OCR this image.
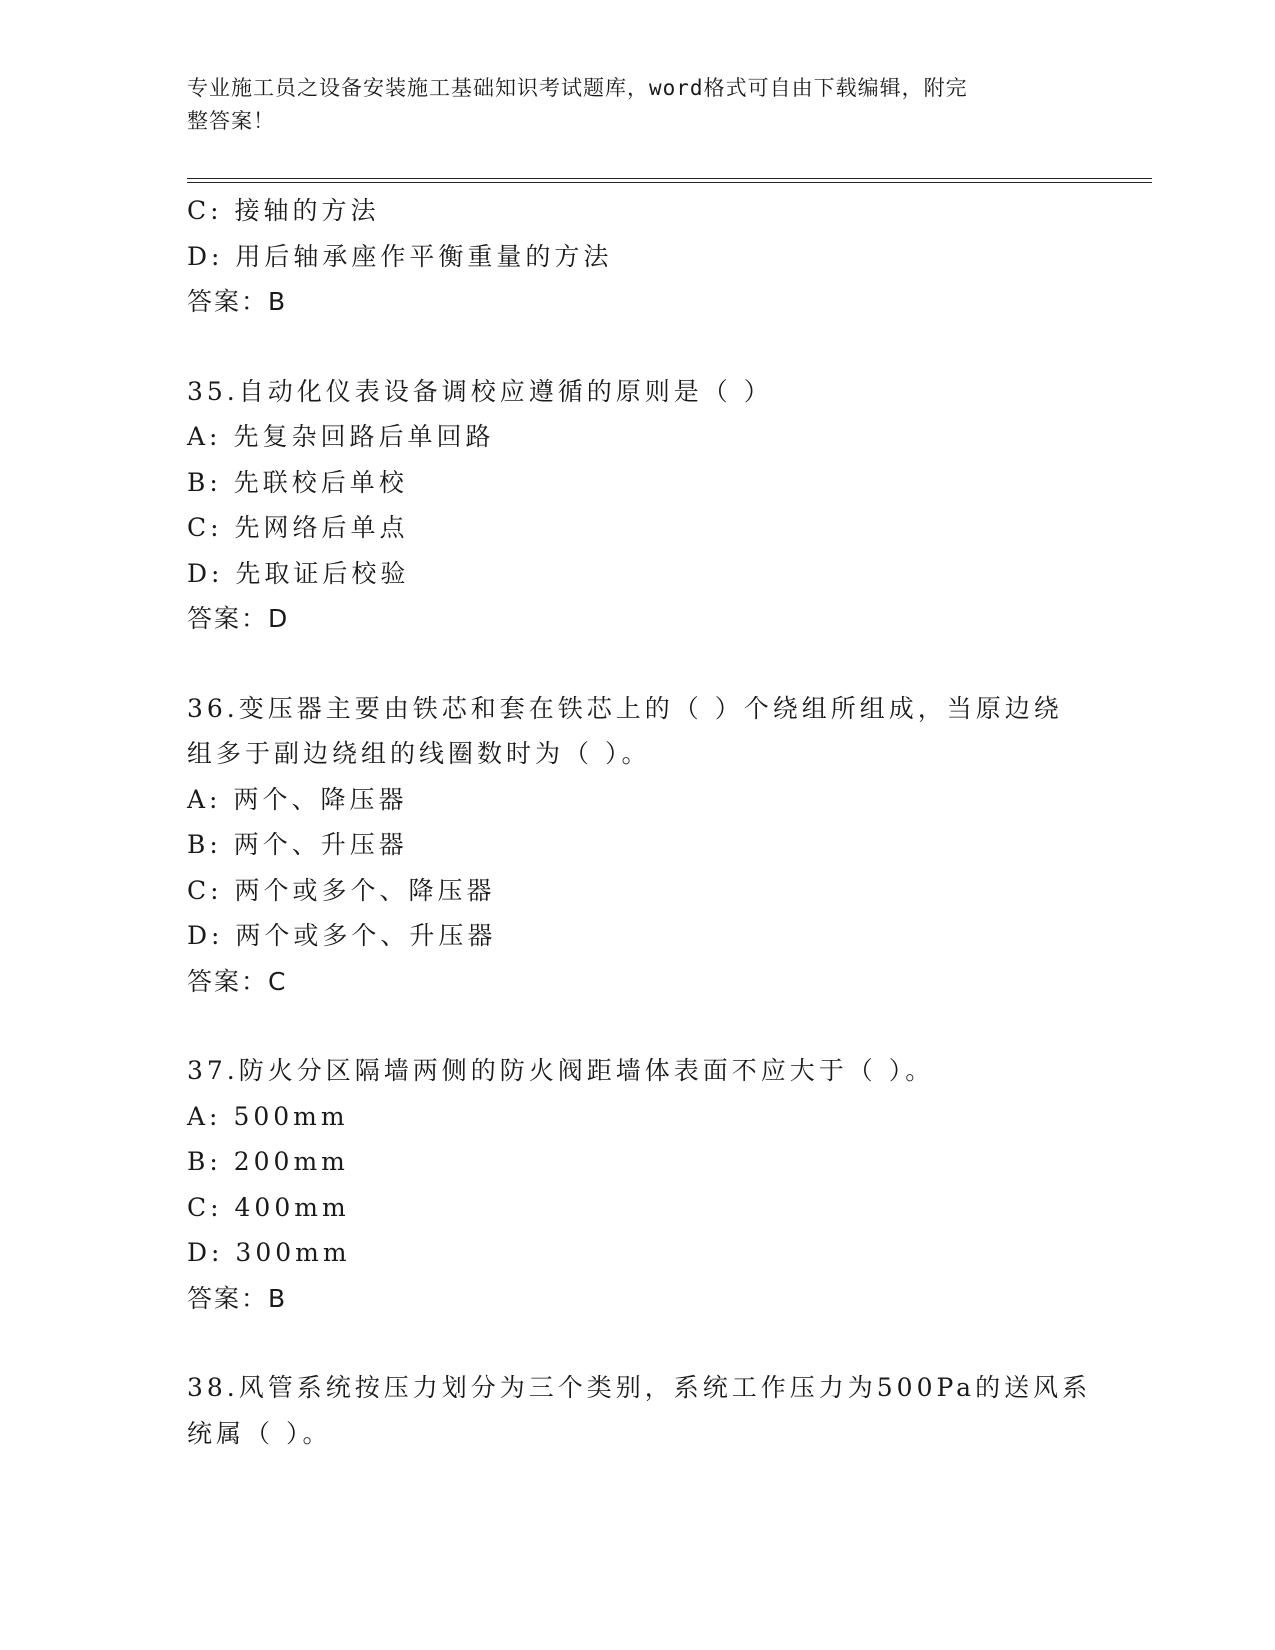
专业施工员之设备安装施工基础知识考试题库，word格式可自由下载编辑，附完
整答案！
C: 接轴的方法
D: 用后轴承座作平衡重量的方法
答案：B
35.自动化仪表设备调校应遵循的原则是（ ）
A: 先复杂回路后单回路
B: 先联校后单校
C: 先网络后单点
D: 先取证后校验
答案：D
36.变压器主要由铁芯和套在铁芯上的（ ）个绕组所组成，当原边绕
组多于副边绕组的线圈数时为（ ）。
A: 两个、降压器
B: 两个、升压器
C: 两个或多个、降压器
D: 两个或多个、升压器
答案：C
37.防火分区隔墙两侧的防火阀距墙体表面不应大于（ ）。
A: 500mm
B: 200mm
C: 400mm
D: 300mm
答案：B
38.风管系统按压力划分为三个类别，系统工作压力为500Pa的送风系
统属（ ）。
